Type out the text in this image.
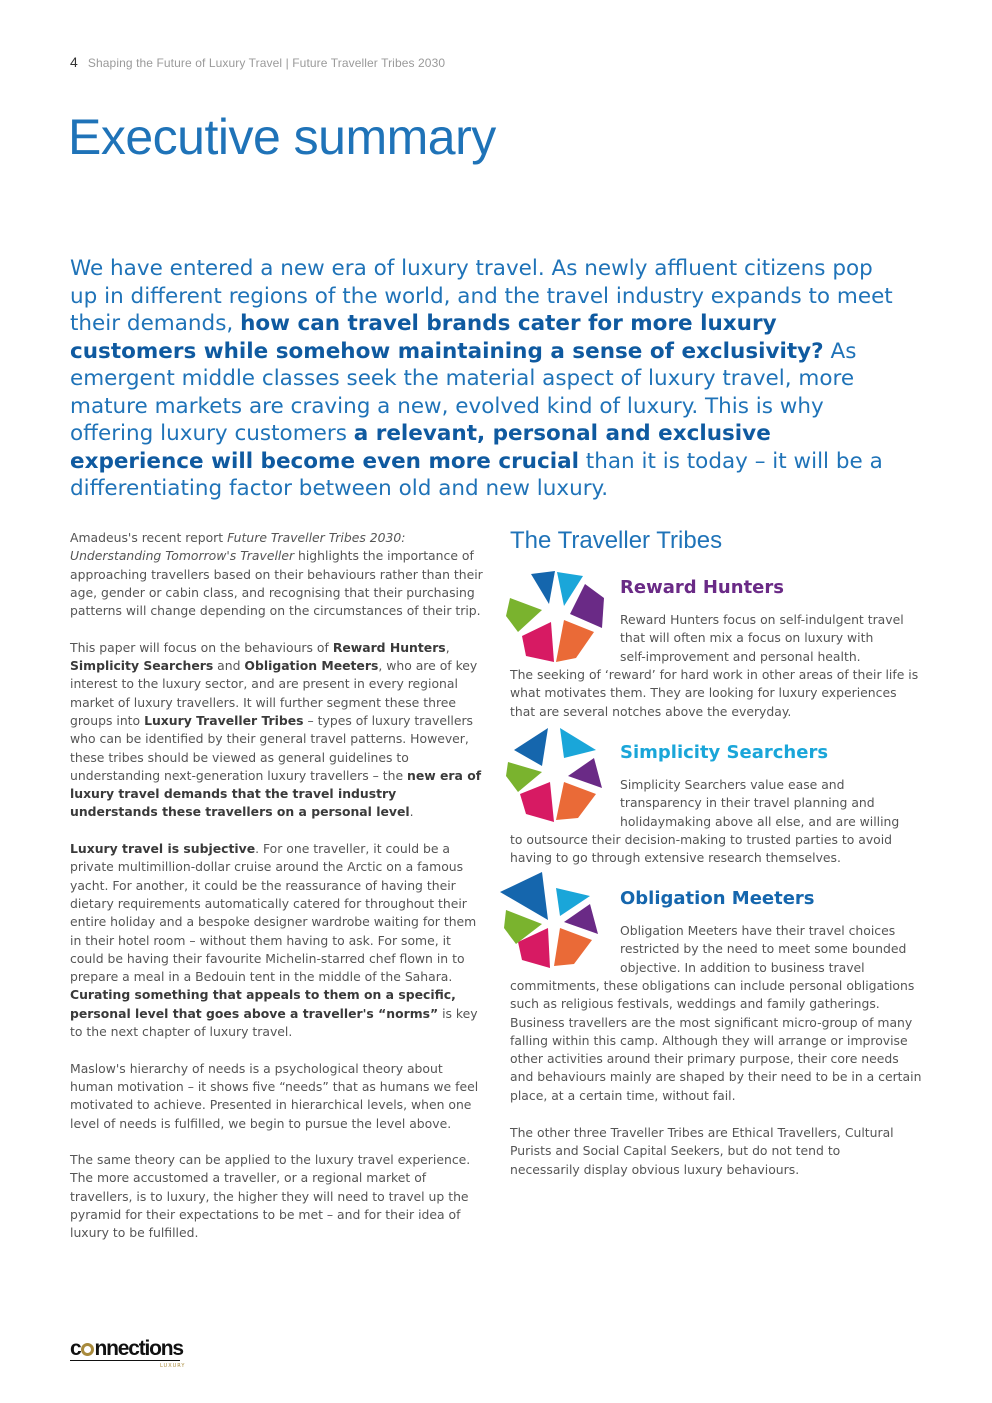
4 Shaping the Future of Luxury Travel | Future Traveller Tribes 2030
Executive summary
We have entered a new era of luxury travel. As newly affluent citizens pop up in different regions of the world, and the travel industry expands to meet their demands, how can travel brands cater for more luxury customers while somehow maintaining a sense of exclusivity? As emergent middle classes seek the material aspect of luxury travel, more mature markets are craving a new, evolved kind of luxury. This is why offering luxury customers a relevant, personal and exclusive experience will become even more crucial than it is today – it will be a differentiating factor between old and new luxury.

Amadeus's recent report Future Traveller Tribes 2030: Understanding Tomorrow's Traveller highlights the importance of approaching travellers based on their behaviours rather than their age, gender or cabin class, and recognising that their purchasing patterns will change depending on the circumstances of their trip.

This paper will focus on the behaviours of Reward Hunters, Simplicity Searchers and Obligation Meeters, who are of key interest to the luxury sector, and are present in every regional market of luxury travellers. It will further segment these three groups into Luxury Traveller Tribes – types of luxury travellers who can be identified by their general travel patterns. However, these tribes should be viewed as general guidelines to understanding next-generation luxury travellers – the new era of luxury travel demands that the travel industry understands these travellers on a personal level.

Luxury travel is subjective. For one traveller, it could be a private multimillion-dollar cruise around the Arctic on a famous yacht. For another, it could be the reassurance of having their dietary requirements automatically catered for throughout their entire holiday and a bespoke designer wardrobe waiting for them in their hotel room – without them having to ask. For some, it could be having their favourite Michelin-starred chef flown in to prepare a meal in a Bedouin tent in the middle of the Sahara. Curating something that appeals to them on a specific, personal level that goes above a traveller's “norms” is key to the next chapter of luxury travel.

Maslow's hierarchy of needs is a psychological theory about human motivation – it shows five “needs” that as humans we feel motivated to achieve. Presented in hierarchical levels, when one level of needs is fulfilled, we begin to pursue the level above.

The same theory can be applied to the luxury travel experience. The more accustomed a traveller, or a regional market of travellers, is to luxury, the higher they will need to travel up the pyramid for their expectations to be met – and for their idea of luxury to be fulfilled.

The Traveller Tribes
Reward Hunters
Reward Hunters focus on self-indulgent travel
that will often mix a focus on luxury with
self-improvement and personal health.
The seeking of ‘reward’ for hard work in other areas of their life is what motivates them. They are looking for luxury experiences that are several notches above the everyday.
Simplicity Searchers
Simplicity Searchers value ease and
transparency in their travel planning and
holidaymaking above all else, and are willing
to outsource their decision-making to trusted parties to avoid having to go through extensive research themselves.
Obligation Meeters
Obligation Meeters have their travel choices
restricted by the need to meet some bounded
objective. In addition to business travel
commitments, these obligations can include personal obligations such as religious festivals, weddings and family gatherings. Business travellers are the most significant micro-group of many falling within this camp. Although they will arrange or improvise other activities around their primary purpose, their core needs and behaviours mainly are shaped by their need to be in a certain place, at a certain time, without fail.
The other three Traveller Tribes are Ethical Travellers, Cultural Purists and Social Capital Seekers, but do not tend to necessarily display obvious luxury behaviours.
c nnections
LUXURY
